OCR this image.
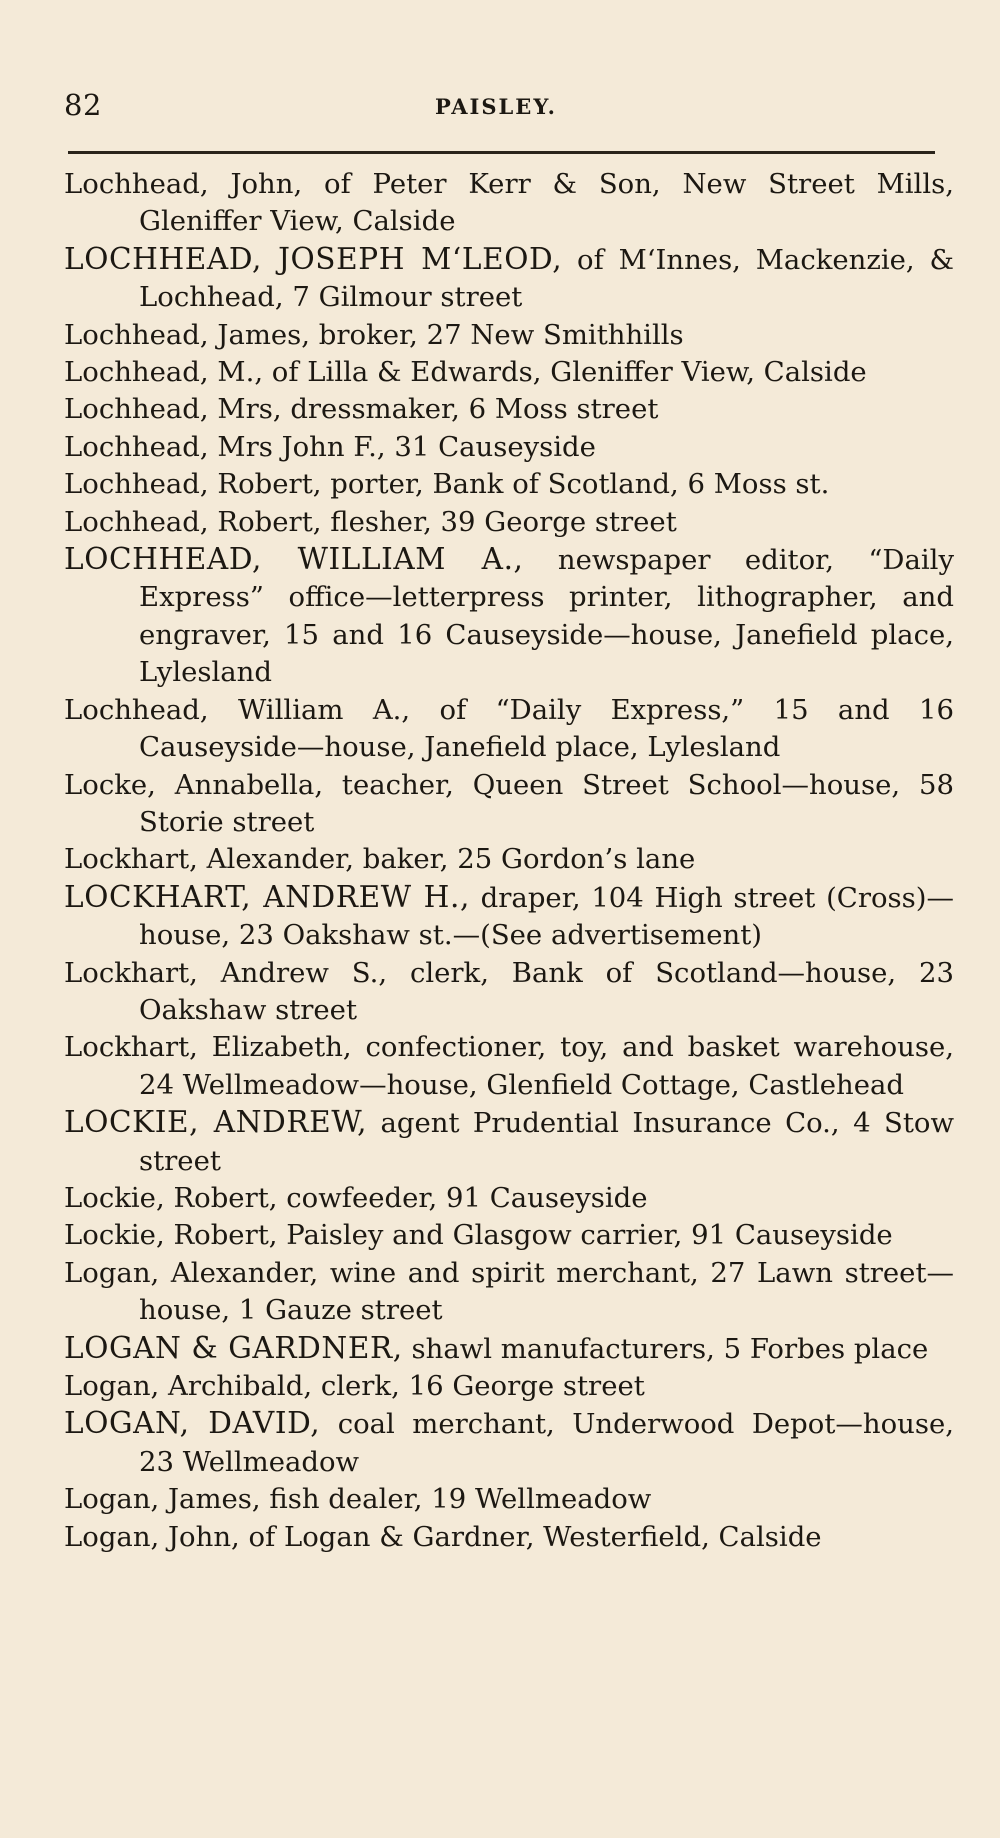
82	PAISLEY.

Lochhead, John, of Peter Kerr & Son, New Street Mills, Gleniffer View, Calside

LOCHHEAD, JOSEPH M‘LEOD, of M‘Innes, Mackenzie, & Lochhead, 7 Gilmour street

Lochhead, James, broker, 27 New Smithhills

Lochhead, M., of Lilla & Edwards, Gleniffer View, Calside

Lochhead, Mrs, dressmaker, 6 Moss street

Lochhead, Mrs John F., 31 Causeyside

Lochhead, Robert, porter, Bank of Scotland, 6 Moss st.

Lochhead, Robert, flesher, 39 George street

LOCHHEAD, WILLIAM A., newspaper editor, “Daily Express” office—letterpress printer, lithographer, and engraver, 15 and 16 Causeyside—house, Janefield place, Lylesland

Lochhead, William A., of “Daily Express,” 15 and 16 Causeyside—house, Janefield place, Lylesland

Locke, Annabella, teacher, Queen Street School—house, 58 Storie street

Lockhart, Alexander, baker, 25 Gordon’s lane

LOCKHART, ANDREW H., draper, 104 High street (Cross)—house, 23 Oakshaw st.—(See advertisement)

Lockhart, Andrew S., clerk, Bank of Scotland—house, 23 Oakshaw street

Lockhart, Elizabeth, confectioner, toy, and basket warehouse, 24 Wellmeadow—house, Glenfield Cottage, Castlehead

LOCKIE, ANDREW, agent Prudential Insurance Co., 4 Stow street

Lockie, Robert, cowfeeder, 91 Causeyside

Lockie, Robert, Paisley and Glasgow carrier, 91 Causeyside

Logan, Alexander, wine and spirit merchant, 27 Lawn street—house, 1 Gauze street

LOGAN & GARDNER, shawl manufacturers, 5 Forbes place

Logan, Archibald, clerk, 16 George street

LOGAN, DAVID, coal merchant, Underwood Depot—house, 23 Wellmeadow

Logan, James, fish dealer, 19 Wellmeadow

Logan, John, of Logan & Gardner, Westerfield, Calside
